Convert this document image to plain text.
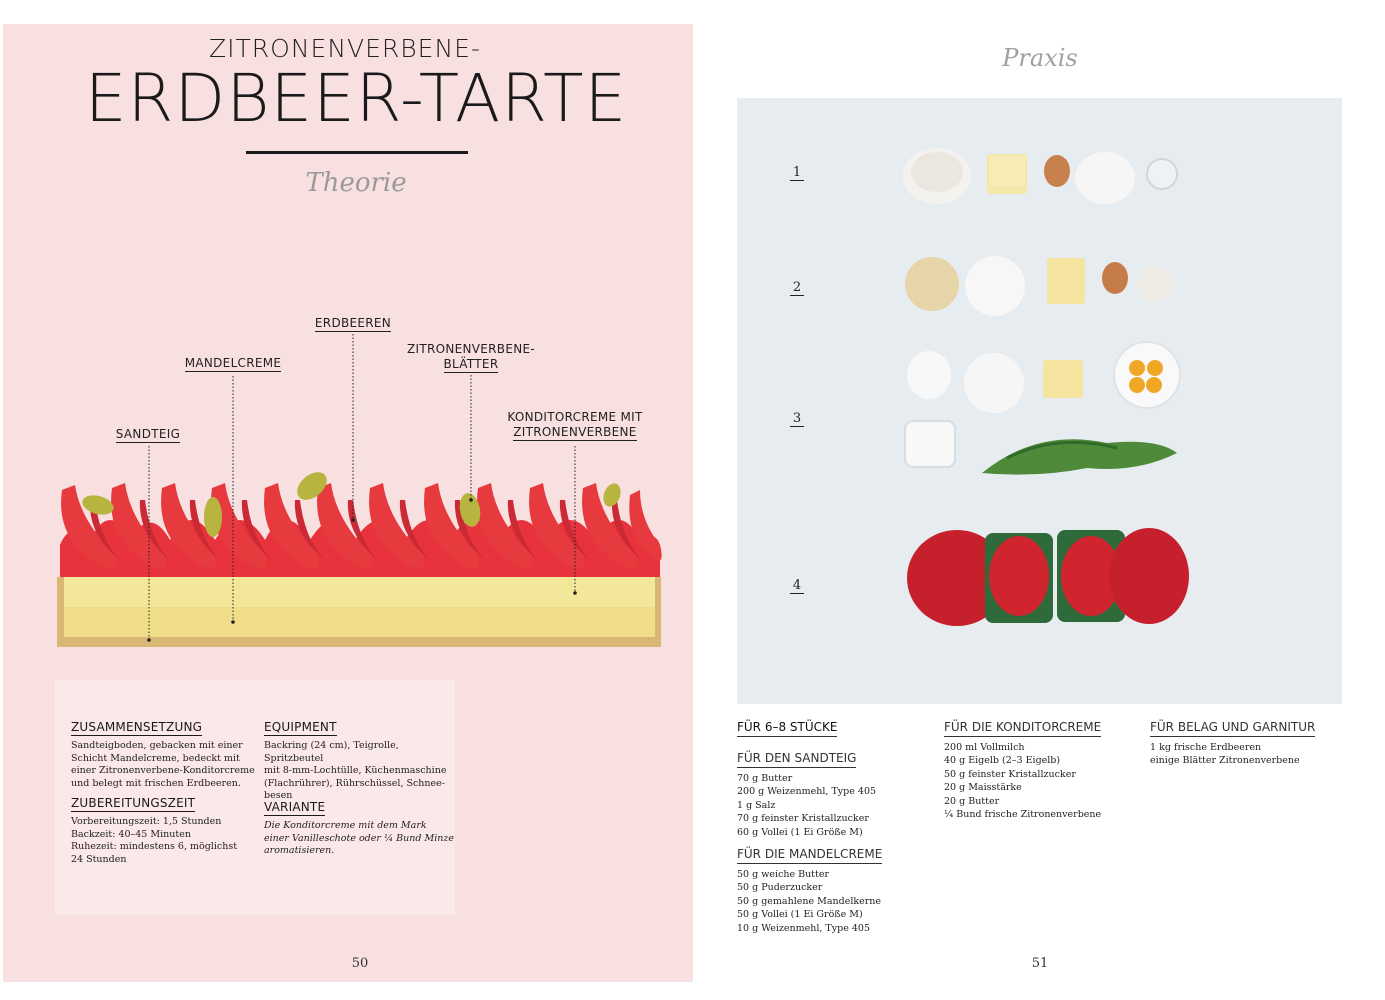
ZITRONENVERBENE-
ERDBEER-TARTE
Theorie
ERDBEEREN
MANDELCREME
ZITRONENVERBENE-
BLÄTTER
KONDITORCREME MIT
ZITRONENVERBENE
SANDTEIG
ZUSAMMENSETZUNG
Sandteigboden, gebacken mit einer
Schicht Mandelcreme, bedeckt mit
einer Zitronenverbene-Konditorcreme
und belegt mit frischen Erdbeeren.
ZUBEREITUNGSZEIT
Vorbereitungszeit: 1,5 Stunden
Backzeit: 40–45 Minuten
Ruhezeit: mindestens 6, möglichst
24 Stunden
EQUIPMENT
Backring (24 cm), Teigrolle, Spritzbeutel
mit 8-mm-Lochtülle, Küchenmaschine
(Flachrührer), Rührschüssel, Schnee-
besen
VARIANTE
Die Konditorcreme mit dem Mark
einer Vanilleschote oder ¼ Bund Minze
aromatisieren.
50
Praxis
1
2
3
4
FÜR 6–8 STÜCKE
FÜR DEN SANDTEIG
70 g Butter
200 g Weizenmehl, Type 405
1 g Salz
70 g feinster Kristallzucker
60 g Vollei (1 Ei Größe M)
FÜR DIE MANDELCREME
50 g weiche Butter
50 g Puderzucker
50 g gemahlene Mandelkerne
50 g Vollei (1 Ei Größe M)
10 g Weizenmehl, Type 405
FÜR DIE KONDITORCREME
200 ml Vollmilch
40 g Eigelb (2–3 Eigelb)
50 g feinster Kristallzucker
20 g Maisstärke
20 g Butter
¼ Bund frische Zitronenverbene
FÜR BELAG UND GARNITUR
1 kg frische Erdbeeren
einige Blätter Zitronenverbene
51
